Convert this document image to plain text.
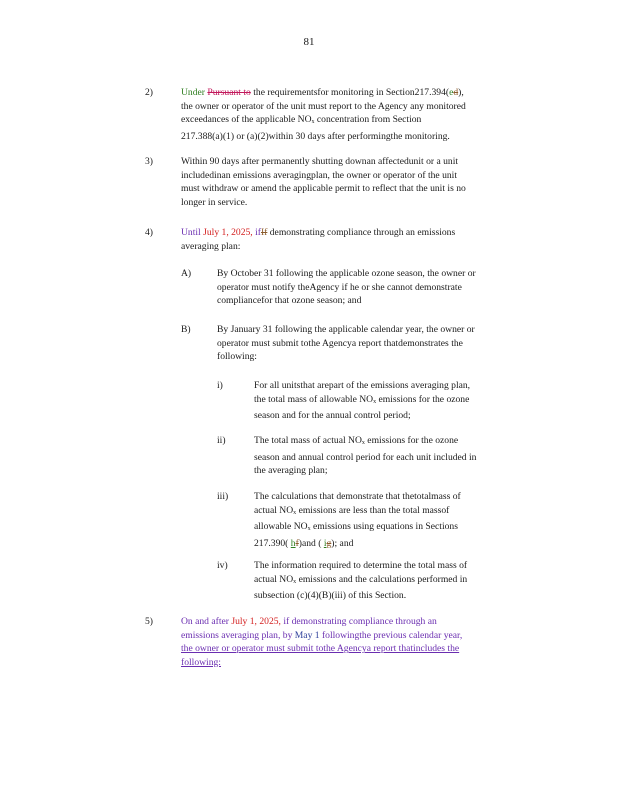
81
2)	Under Pursuant to the requirementsfor monitoring in Section217.394(ed),
the owner or operator of the unit must report to the Agency any monitored
exceedances of the applicable $NO_x$ concentration from Section
217.388(a)(1) or (a)(2)within 30 days after performingthe monitoring.
3)	Within 90 days after permanently shutting downan affectedunit or a unit
includedinan emissions averagingplan, the owner or operator of the unit
must withdraw or amend the applicable permit to reflect that the unit is no
longer in service.
4)	Until July 1, 2025, ifIf demonstrating compliance through an emissions
averaging plan:
A)	By October 31 following the applicable ozone season, the owner or
operator must notify theAgency if he or she cannot demonstrate
compliancefor that ozone season; and
B)	By January 31 following the applicable calendar year, the owner or
operator must submit tothe Agencya report thatdemonstrates the
following:
i)	For all unitsthat arepart of the emissions averaging plan,
the total mass of allowable $NO_x$ emissions for the ozone
season and for the annual control period;
ii)	The total mass of actual $NO_x$ emissions for the ozone
season and annual control period for each unit included in
the averaging plan;
iii)	The calculations that demonstrate that thetotalmass of
actual $NO_x$ emissions are less than the total massof
allowable $NO_x$ emissions using equations in Sections
217.390( hf)and ( ig); and
iv)	The information required to determine the total mass of
actual $NO_x$ emissions and the calculations performed in
subsection (c)(4)(B)(iii) of this Section.
5)	On and after July 1, 2025, if demonstrating compliance through an
emissions averaging plan, by May 1 followingthe previous calendar year,
the owner or operator must submit tothe Agencya report thatincludes the
following:
